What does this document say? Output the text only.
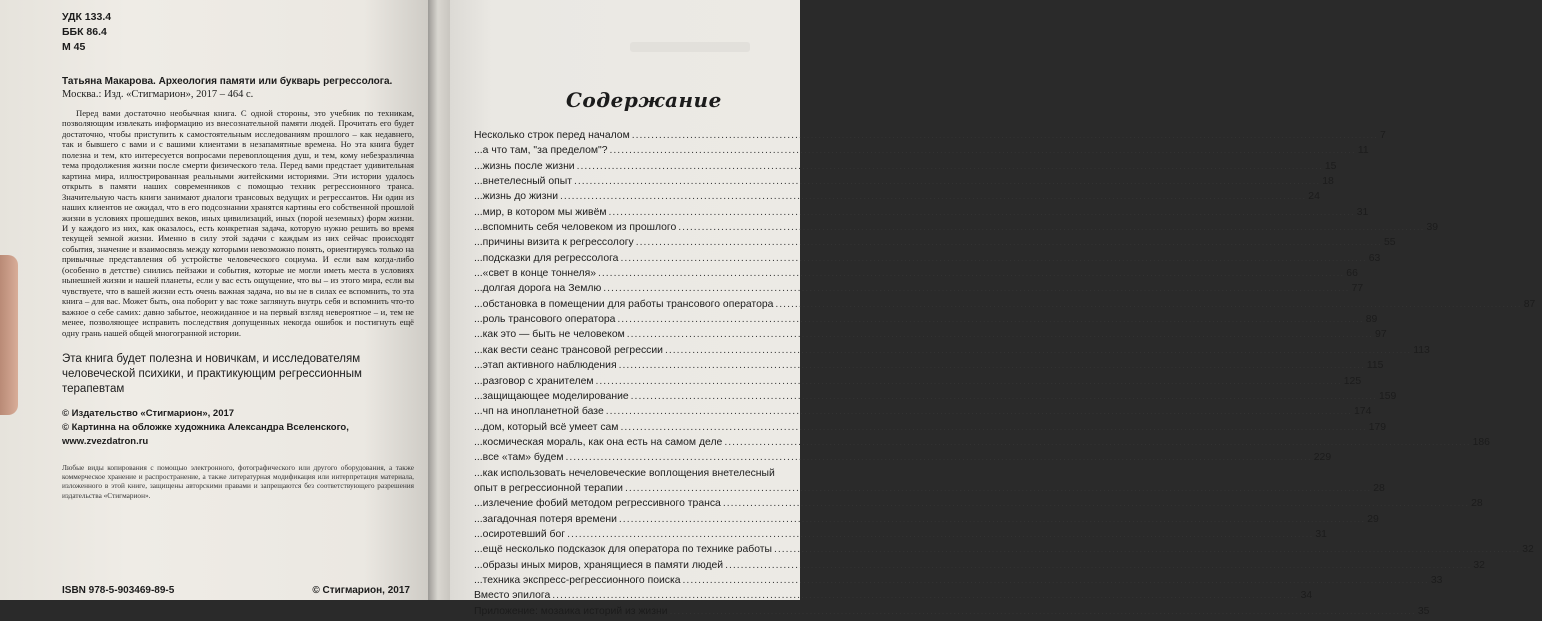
УДК 133.4
ББК 86.4
М 45
Татьяна Макарова. Археология памяти или букварь регрессолога.
Москва.: Изд. «Стигмарион», 2017 – 464 с.
Перед вами достаточно необычная книга. С одной стороны, это учебник по техникам, позволяющим извлекать информацию из внесознательной памяти людей. Прочитать его будет достаточно, чтобы приступить к самостоятельным исследованиям прошлого – как недавнего, так и бывшего с вами и с вашими клиентами в незапамятные времена. Но эта книга будет полезна и тем, кто интересуется вопросами перевоплощения душ, и тем, кому небезразлична тема продолжения жизни после смерти физического тела. Перед вами предстает удивительная картина мира, иллюстрированная реальными житейскими историями. Эти истории удалось открыть в памяти наших современников с помощью техник регрессионного транса. Значительную часть книги занимают диалоги трансовых ведущих и регрессантов. Ни один из наших клиентов не ожидал, что в его подсознании хранятся картины его собственной прошлой жизни в условиях прошедших веков, иных цивилизаций, иных (порой неземных) форм жизни. И у каждого из них, как оказалось, есть конкретная задача, которую нужно решить во время текущей земной жизни. Именно в силу этой задачи с каждым из них сейчас происходят события, значение и взаимосвязь между которыми невозможно понять, ориентируясь только на привычные представления об устройстве человеческого социума. И если вам когда-либо (особенно в детстве) снились пейзажи и события, которые не могли иметь места в условиях нынешней жизни и нашей планеты, если у вас есть ощущение, что вы – из этого мира, если вы чувствуете, что в вашей жизни есть очень важная задача, но вы не в силах ее вспомнить, то эта книга – для вас. Может быть, она поборит у вас тоже заглянуть внутрь себя и вспомнить что-то важное о себе самих: давно забытое, неожиданное и на первый взгляд невероятное – и, тем не менее, позволяющее исправить последствия допущенных некогда ошибок и постигнуть ещё одну грань нашей общей многогранной истории.
Эта книга будет полезна и новичкам, и исследователям человеческой психики, и практикующим регрессионным терапевтам
© Издательство «Стигмарион», 2017
© Картинна на обложке художника Александра Вселенского,
www.zvezdatron.ru
Любые виды копирования с помощью электронного, фотографического или другого оборудования, а также коммерческое хранение и распространение, а также литературная модификация или интерпретация материала, изложенного в этой книге, защищены авторскими правами и запрещаются без соответствующего разрешения издательства «Стигмарион».
ISBN 978-5-903469-89-5	© Стигмарион, 2017
Содержание
Несколько строк перед началом .....	7
...а что там, "за пределом"? .....	11
...жизнь после жизни .....	15
...внетелесный опыт .....	18
...жизнь до жизни .....	24
...мир, в котором мы живём .....	31
...вспомнить себя человеком из прошлого .....	39
...причины визита к регрессологу .....	55
...подсказки для регрессолога .....	63
...«свет в конце тоннеля» .....	66
...долгая дорога на Землю .....	77
...обстановка в помещении для работы трансового оператора .....	87
...роль трансового оператора .....	89
...как это — быть не человеком .....	97
...как вести сеанс трансовой регрессии .....	113
...этап активного наблюдения .....	115
...разговор с хранителем .....	125
...защищающее моделирование .....	159
...чп на инопланетной базе .....	174
...дом, который всё умеет сам .....	179
...космическая мораль, как она есть на самом деле .....	186
...все «там» будем .....	229
...как использовать нечеловеческие воплощения внетелесный
опыт в регрессионной терапии .....	28
...излечение фобий методом регрессивного транса .....	28
...загадочная потеря времени .....	29
...осиротевший бог .....	31
...ещё несколько подсказок для оператора по технике работы .....	32
...образы иных миров, хранящиеся в памяти людей .....	32
...техника экспресс-регрессионного поиска .....	33
Вместо эпилога .....	34
Приложение: мозаика историй из жизни .....	35
